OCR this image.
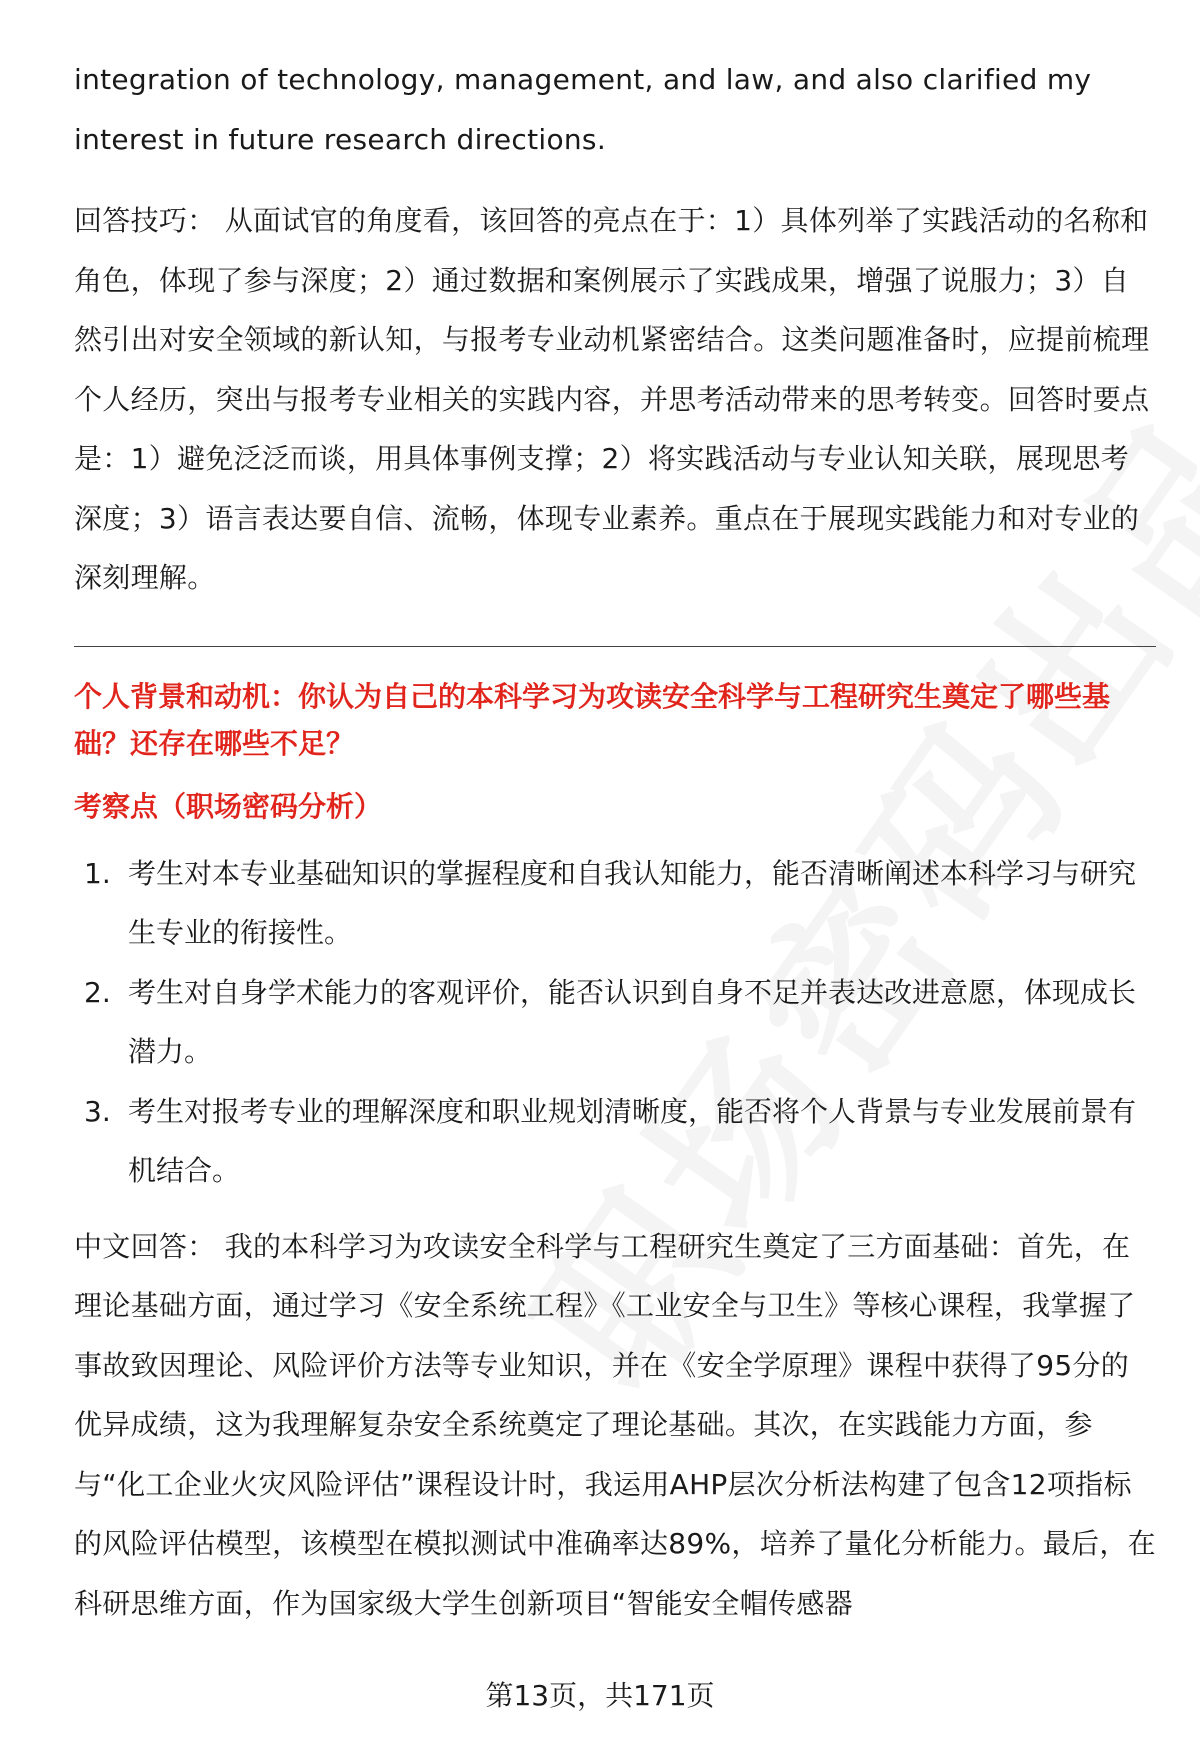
integration of technology, management, and law, and also clarified my interest in future research directions.

回答技巧： 从面试官的角度看，该回答的亮点在于：1）具体列举了实践活动的名称和角色，体现了参与深度；2）通过数据和案例展示了实践成果，增强了说服力；3）自然引出对安全领域的新认知，与报考专业动机紧密结合。这类问题准备时，应提前梳理个人经历，突出与报考专业相关的实践内容，并思考活动带来的思考转变。回答时要点是：1）避免泛泛而谈，用具体事例支撑；2）将实践活动与专业认知关联，展现思考深度；3）语言表达要自信、流畅，体现专业素养。重点在于展现实践能力和对专业的深刻理解。

个人背景和动机：你认为自己的本科学习为攻读安全科学与工程研究生奠定了哪些基础？还存在哪些不足？

考察点（职场密码分析）

1. 考生对本专业基础知识的掌握程度和自我认知能力，能否清晰阐述本科学习与研究生专业的衔接性。
2. 考生对自身学术能力的客观评价，能否认识到自身不足并表达改进意愿，体现成长潜力。
3. 考生对报考专业的理解深度和职业规划清晰度，能否将个人背景与专业发展前景有机结合。

中文回答： 我的本科学习为攻读安全科学与工程研究生奠定了三方面基础：首先，在理论基础方面，通过学习《安全系统工程》《工业安全与卫生》等核心课程，我掌握了事故致因理论、风险评价方法等专业知识，并在《安全学原理》课程中获得了95分的优异成绩，这为我理解复杂安全系统奠定了理论基础。其次，在实践能力方面，参与“化工企业火灾风险评估”课程设计时，我运用AHP层次分析法构建了包含12项指标的风险评估模型，该模型在模拟测试中准确率达89%，培养了量化分析能力。最后，在科研思维方面，作为国家级大学生创新项目“智能安全帽传感器

第13页，共171页
